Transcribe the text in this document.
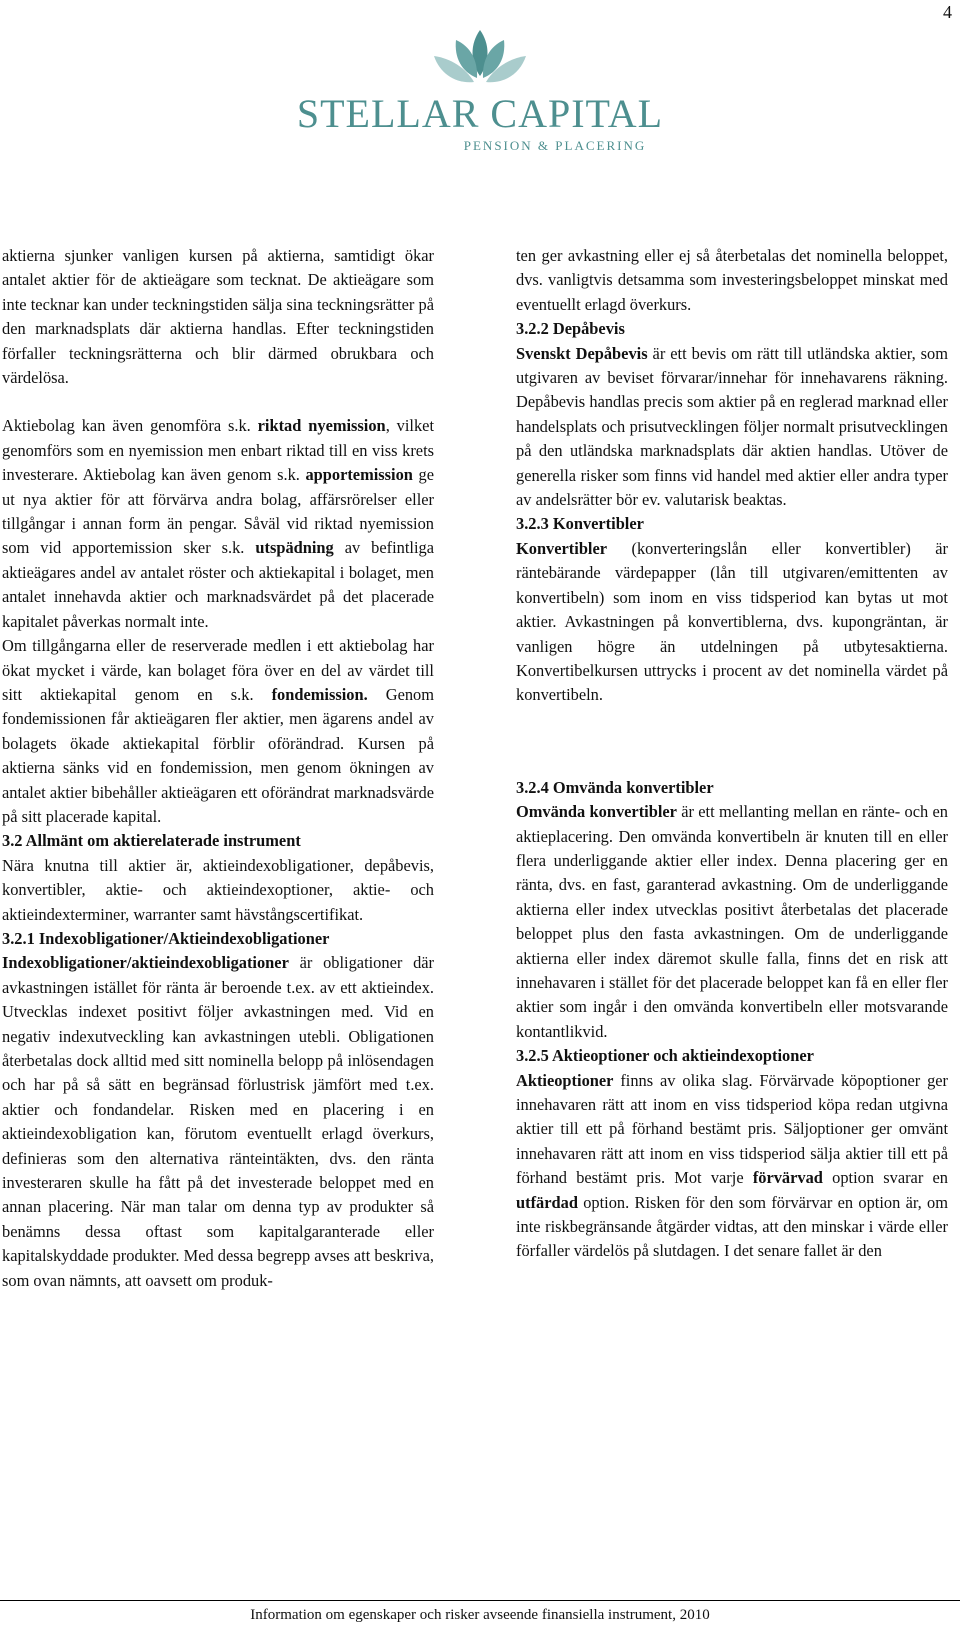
4
STELLAR CAPITAL
PENSION & PLACERING

aktierna sjunker vanligen kursen på aktierna, samtidigt ökar antalet aktier för de aktieägare som tecknat. De aktieägare som inte tecknar kan under teckningstiden sälja sina teckningsrätter på den marknadsplats där aktierna handlas. Efter teckningstiden förfaller teckningsrätterna och blir därmed obrukbara och värdelösa.

Aktiebolag kan även genomföra s.k. riktad nyemission, vilket genomförs som en nyemission men enbart riktad till en viss krets investerare. Aktiebolag kan även genom s.k. apportemission ge ut nya aktier för att förvärva andra bolag, affärsrörelser eller tillgångar i annan form än pengar. Såväl vid riktad nyemission som vid apportemission sker s.k. utspädning av befintliga aktieägares andel av antalet röster och aktiekapital i bolaget, men antalet innehavda aktier och marknadsvärdet på det placerade kapitalet påverkas normalt inte.

Om tillgångarna eller de reserverade medlen i ett aktiebolag har ökat mycket i värde, kan bolaget föra över en del av värdet till sitt aktiekapital genom en s.k. fondemission. Genom fondemissionen får aktieägaren fler aktier, men ägarens andel av bolagets ökade aktiekapital förblir oförändrad. Kursen på aktierna sänks vid en fondemission, men genom ökningen av antalet aktier bibehåller aktieägaren ett oförändrat marknadsvärde på sitt placerade kapital.

3.2 Allmänt om aktierelaterade instrument

Nära knutna till aktier är, aktieindexobligationer, depåbevis, konvertibler, aktie- och aktieindexoptioner, aktie- och aktieindexterminer, warranter samt hävstångscertifikat.

3.2.1 Indexobligationer/Aktieindexobligationer

Indexobligationer/aktieindexobligationer är obligationer där avkastningen istället för ränta är beroende t.ex. av ett aktieindex. Utvecklas indexet positivt följer avkastningen med. Vid en negativ indexutveckling kan avkastningen utebli. Obligationen återbetalas dock alltid med sitt nominella belopp på inlösendagen och har på så sätt en begränsad förlustrisk jämfört med t.ex. aktier och fondandelar. Risken med en placering i en aktieindexobligation kan, förutom eventuellt erlagd överkurs, definieras som den alternativa ränteintäkten, dvs. den ränta investeraren skulle ha fått på det investerade beloppet med en annan placering. När man talar om denna typ av produkter så benämns dessa oftast som kapitalgaranterade eller kapitalskyddade produkter. Med dessa begrepp avses att beskriva, som ovan nämnts, att oavsett om produk-

ten ger avkastning eller ej så återbetalas det nominella beloppet, dvs. vanligtvis detsamma som investeringsbeloppet minskat med eventuellt erlagd överkurs.

3.2.2 Depåbevis

Svenskt Depåbevis är ett bevis om rätt till utländska aktier, som utgivaren av beviset förvarar/innehar för innehavarens räkning. Depåbevis handlas precis som aktier på en reglerad marknad eller handelsplats och prisutvecklingen följer normalt prisutvecklingen på den utländska marknadsplats där aktien handlas. Utöver de generella risker som finns vid handel med aktier eller andra typer av andelsrätter bör ev. valutarisk beaktas.

3.2.3 Konvertibler

Konvertibler (konverteringslån eller konvertibler) är räntebärande värdepapper (lån till utgivaren/emittenten av konvertibeln) som inom en viss tidsperiod kan bytas ut mot aktier. Avkastningen på konvertiblerna, dvs. kupongräntan, är vanligen högre än utdelningen på utbytesaktierna. Konvertibelkursen uttrycks i procent av det nominella värdet på konvertibeln.

3.2.4 Omvända konvertibler

Omvända konvertibler är ett mellanting mellan en ränte- och en aktieplacering. Den omvända konvertibeln är knuten till en eller flera underliggande aktier eller index. Denna placering ger en ränta, dvs. en fast, garanterad avkastning. Om de underliggande aktierna eller index utvecklas positivt återbetalas det placerade beloppet plus den fasta avkastningen. Om de underliggande aktierna eller index däremot skulle falla, finns det en risk att innehavaren i stället för det placerade beloppet kan få en eller fler aktier som ingår i den omvända konvertibeln eller motsvarande kontantlikvid.

3.2.5 Aktieoptioner och aktieindexoptioner

Aktieoptioner finns av olika slag. Förvärvade köpoptioner ger innehavaren rätt att inom en viss tidsperiod köpa redan utgivna aktier till ett på förhand bestämt pris. Säljoptioner ger omvänt innehavaren rätt att inom en viss tidsperiod sälja aktier till ett på förhand bestämt pris. Mot varje förvärvad option svarar en utfärdad option. Risken för den som förvärvar en option är, om inte riskbegränsande åtgärder vidtas, att den minskar i värde eller förfaller värdelös på slutdagen. I det senare fallet är den

Information om egenskaper och risker avseende finansiella instrument, 2010
